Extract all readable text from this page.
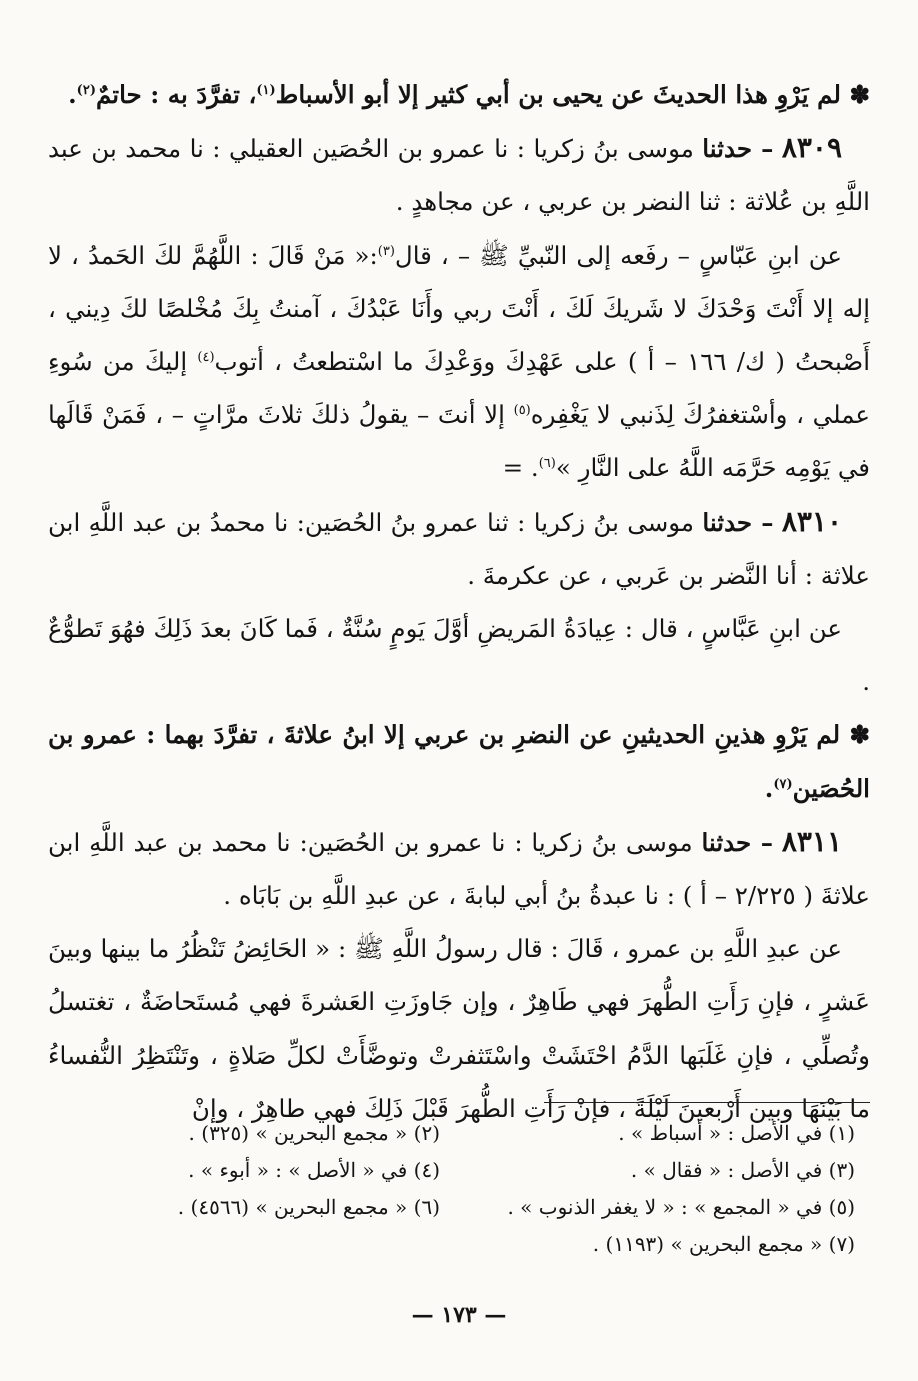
✽ لم يَرْوِ هذا الحديثَ عن يحيى بن أبي كثير إلا أبو الأسباط$^{(١)}$، تفرَّدَ به : حاتمٌ$^{(٢)}$.

٨٣٠٩ – حدثنا موسى بنُ زكريا : نا عمرو بن الحُصَين العقيلي : نا محمد بن عبد اللَّهِ بن عُلاثة : ثنا النضر بن عربي ، عن مجاهدٍ .

عن ابنِ عَبّاسٍ – رفَعه إلى النّبيِّ ﷺ – ، قال$^{(٣)}$:« مَنْ قَالَ : اللَّهُمَّ لكَ الحَمدُ ، لا إله إلا أَنْتَ وَحْدَكَ لا شَريكَ لَكَ ، أَنْتَ ربي وأَنَا عَبْدُكَ ، آمنتُ بِكَ مُخْلصًا لكَ دِيني ، أَصْبحتُ ( ك/ ١٦٦ – أ ) على عَهْدِكَ ووَعْدِكَ ما اسْتطعتُ ، أتوب$^{(٤)}$ إليكَ من سُوءِ عملي ، وأسْتغفرُكَ لِذَنبي لا يَغْفِره$^{(٥)}$ إلا أنتَ – يقولُ ذلكَ ثلاثَ مرَّاتٍ – ، فَمَنْ قَالَها في يَوْمِه حَرَّمَه اللَّهُ على النَّارِ »$^{(٦)}$. =

٨٣١٠ – حدثنا موسى بنُ زكريا : ثنا عمرو بنُ الحُصَين: نا محمدُ بن عبد اللَّهِ ابن علاثة : أنا النَّضر بن عَربي ، عن عكرمةَ .

عن ابنِ عَبَّاسٍ ، قال : عِيادَةُ المَريضِ أوَّلَ يَومٍ سُنَّةٌ ، فَما كَانَ بعدَ ذَلِكَ فهُوَ تَطوُّعٌ .

✽ لم يَرْوِ هذينِ الحديثينِ عن النضرِ بن عربي إلا ابنُ علاثةَ ، تفرَّدَ بهما : عمرو بن الحُصَين$^{(٧)}$.

٨٣١١ – حدثنا موسى بنُ زكريا : نا عمرو بن الحُصَين: نا محمد بن عبد اللَّهِ ابن علاثةَ ( ٢/٢٢٥ – أ ) : نا عبدةُ بنُ أبي لبابةَ ، عن عبدِ اللَّهِ بن بَابَاه .

عن عبدِ اللَّهِ بن عمرو ، قَالَ : قال رسولُ اللَّهِ ﷺ : « الحَائِضُ تَنْظُرُ ما بينها وبينَ عَشرٍ ، فإنِ رَأَتِ الطُّهرَ فهي طَاهِرٌ ، وإن جَاوزَتِ العَشرةَ فهي مُستَحاضَةٌ ، تغتسلُ وتُصلِّي ، فإنِ غَلَبَها الدَّمُ احْتَشَتْ واسْتَثفرتْ وتوضَّأَتْ لكلِّ صَلاةٍ ، وتَنْتَظِرُ النُّفساءُ ما بَيْنَهَا وبين أَرْبعينَ لَيْلَةً ، فإنْ رَأَتِ الطُّهرَ قَبْلَ ذَلِكَ فهي طاهِرٌ ، وإنْ

(١) في الأصل : « أسباط » .
(٢) « مجمع البحرين » (٣٢٥) .
(٣) في الأصل : « فقال » .
(٤) في « الأصل » : « أبوء » .
(٥) في « المجمع » : « لا يغفر الذنوب » .
(٦) « مجمع البحرين » (٤٥٦٦) .
(٧) « مجمع البحرين » (١١٩٣) .
— ١٧٣ —
